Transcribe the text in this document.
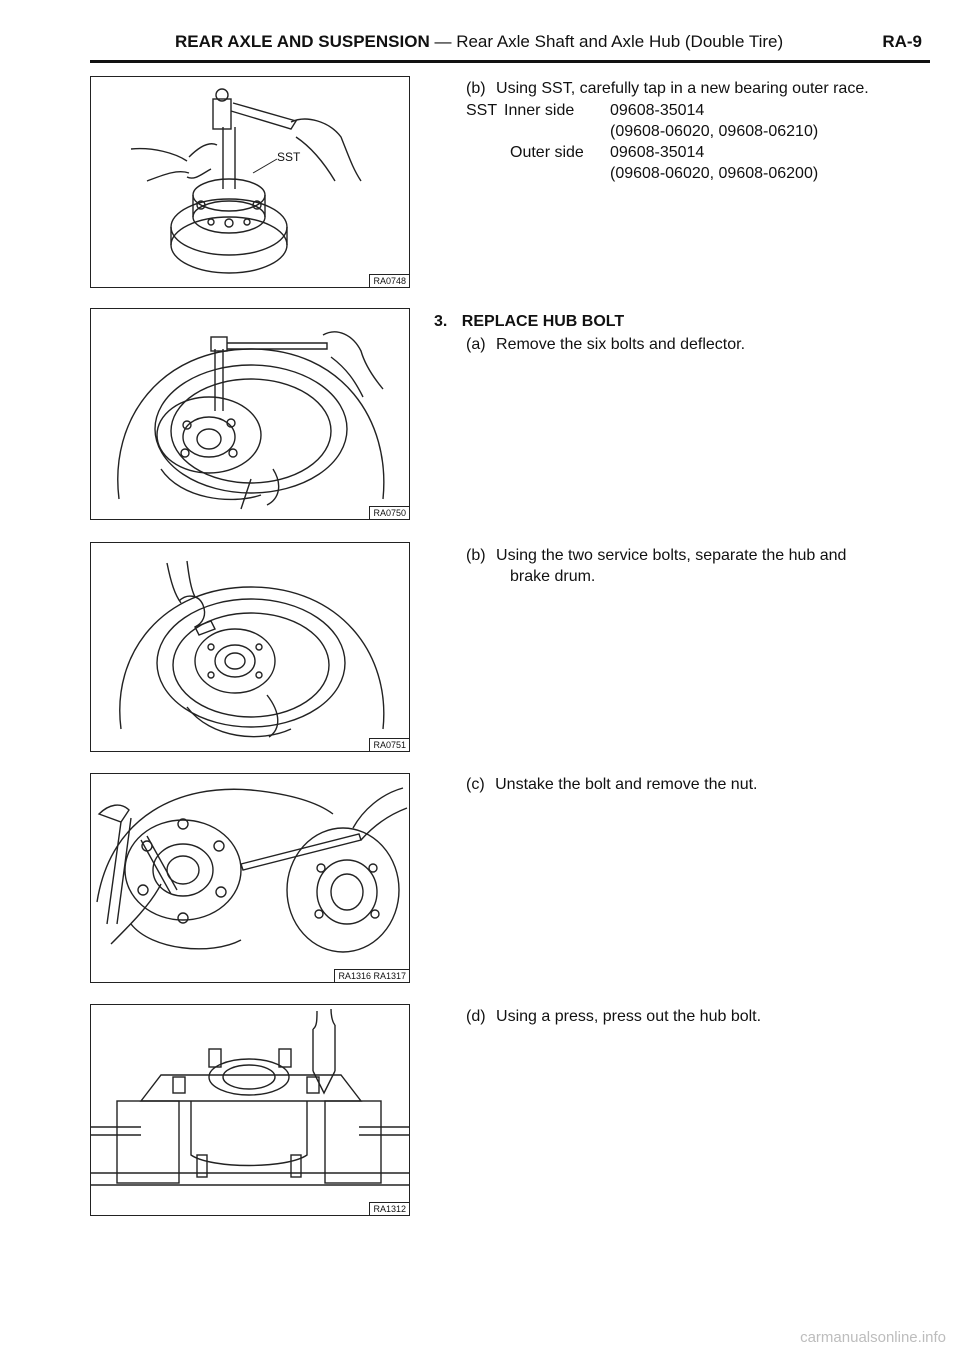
REAR AXLE AND SUSPENSION — Rear Axle Shaft and Axle Hub (Double Tire)	RA-9
SST
RA0748
RA0750
RA0751
RA1316 RA1317
RA1312
(b) Using SST, carefully tap in a new bearing outer race.
SST Inner side 09608-35014
(09608-06020, 09608-06210)
Outer side 09608-35014
(09608-06020, 09608-06200)
3. REPLACE HUB BOLT
(a) Remove the six bolts and deflector.
(b) Using the two service bolts, separate the hub and
brake drum.
(c) Unstake the bolt and remove the nut.
(d) Using a press, press out the hub bolt.
carmanualsonline.info
